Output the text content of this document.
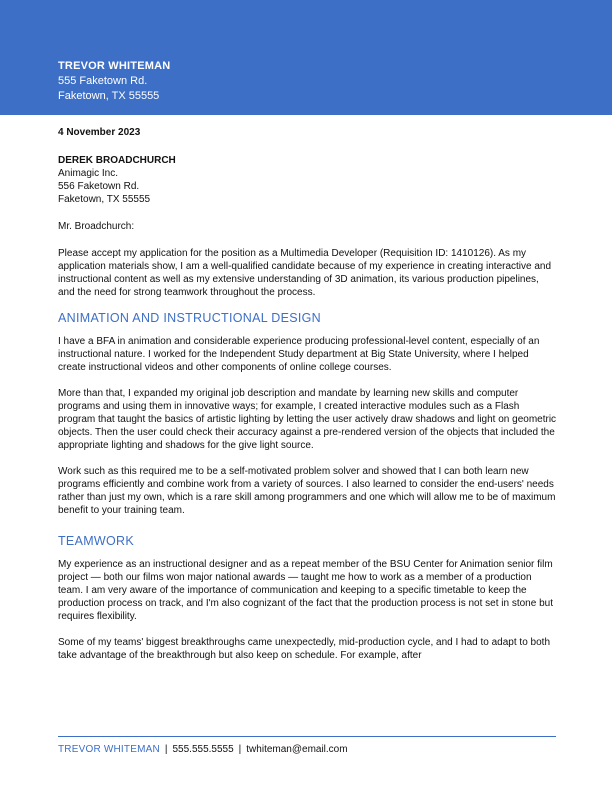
TREVOR WHITEMAN
555 Faketown Rd.
Faketown, TX 55555
4 November 2023
DEREK BROADCHURCH
Animagic Inc.
556 Faketown Rd.
Faketown, TX 55555
Mr. Broadchurch:

Please accept my application for the position as a Multimedia Developer (Requisition ID: 1410126). As my application materials show, I am a well-qualified candidate because of my experience in creating interactive and instructional content as well as my extensive understanding of 3D animation, its various production pipelines, and the need for strong teamwork throughout the process.

ANIMATION AND INSTRUCTIONAL DESIGN

I have a BFA in animation and considerable experience producing professional-level content, especially of an instructional nature. I worked for the Independent Study department at Big State University, where I helped create instructional videos and other components of online college courses.

More than that, I expanded my original job description and mandate by learning new skills and computer programs and using them in innovative ways; for example, I created interactive modules such as a Flash program that taught the basics of artistic lighting by letting the user actively draw shadows and light on geometric objects. Then the user could check their accuracy against a pre-rendered version of the objects that included the appropriate lighting and shadows for the give light source.

Work such as this required me to be a self-motivated problem solver and showed that I can both learn new programs efficiently and combine work from a variety of sources. I also learned to consider the end-users' needs rather than just my own, which is a rare skill among programmers and one which will allow me to be of maximum benefit to your training team.

TEAMWORK

My experience as an instructional designer and as a repeat member of the BSU Center for Animation senior film project — both our films won major national awards — taught me how to work as a member of a production team. I am very aware of the importance of communication and keeping to a specific timetable to keep the production process on track, and I'm also cognizant of the fact that the production process is not set in stone but requires flexibility.

Some of my teams' biggest breakthroughs came unexpectedly, mid-production cycle, and I had to adapt to both take advantage of the breakthrough but also keep on schedule. For example, after

TREVOR WHITEMAN | 555.555.5555 | twhiteman@email.com
